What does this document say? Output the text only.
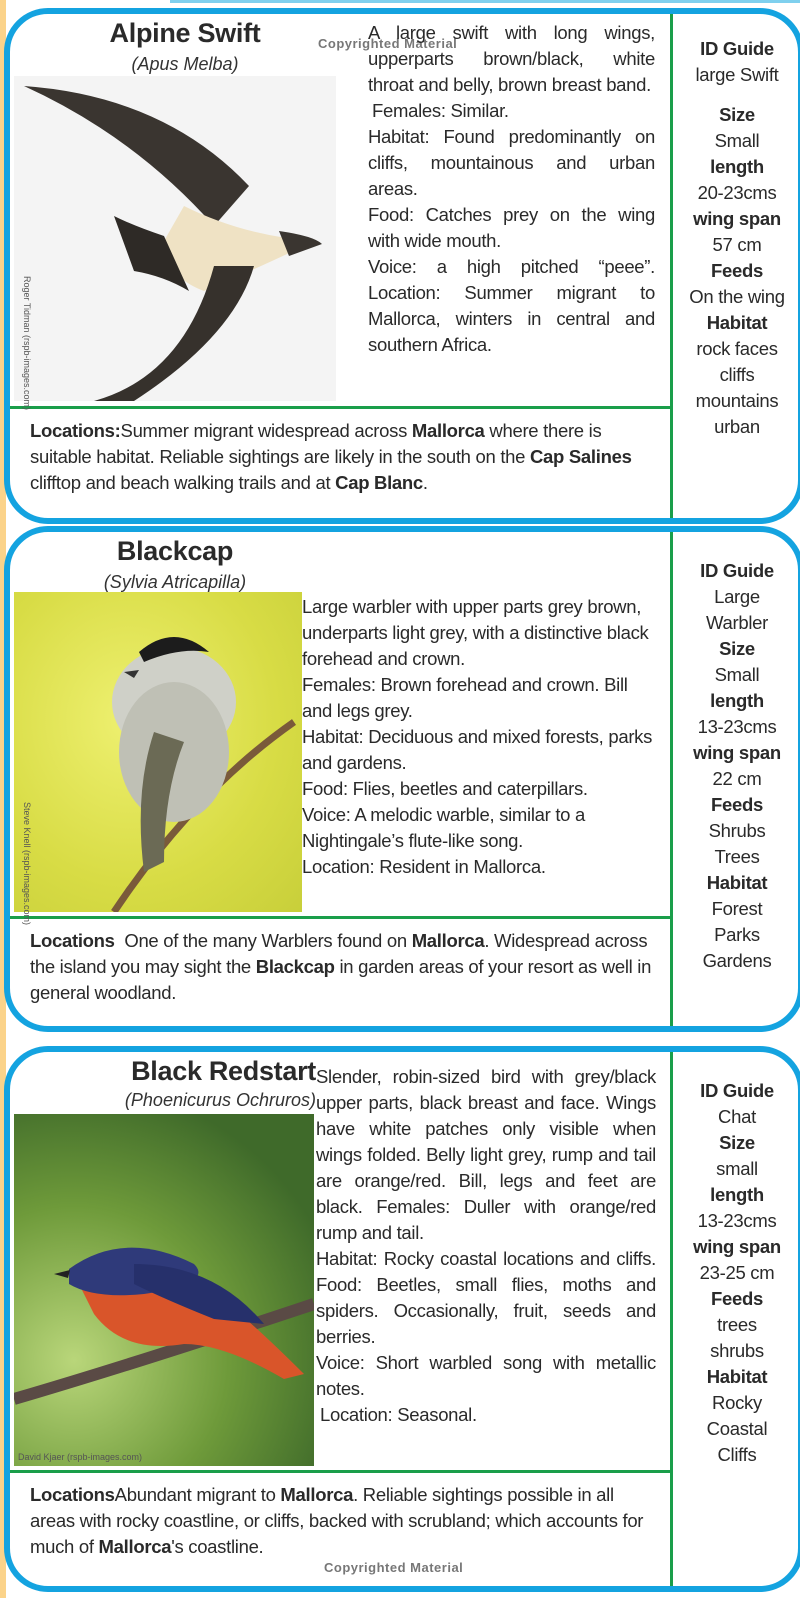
Alpine Swift
(Apus Melba)
Roger Tidman (rspb-images.com)
Copyrighted Material

A large swift with long wings, upperparts brown/black, white throat and belly, brown breast band.

Females: Similar.

Habitat: Found predominantly on cliffs, mountainous and urban areas.

Food: Catches prey on the wing with wide mouth.

Voice: a high pitched “peee”. Location: Summer migrant to Mallorca, winters in central and southern Africa.

Locations:Summer migrant widespread across Mallorca where there is suitable habitat. Reliable sightings are likely in the south on the Cap Salines clifftop and beach walking trails and at Cap Blanc.
ID Guide
large Swift
Size
Small
length
20-23cms
wing span
57 cm
Feeds
On the wing
Habitat
rock faces
cliffs
mountains
urban
Blackcap
(Sylvia Atricapilla)
Steve Knell (rspb-images.com)

Large warbler with upper parts grey brown, underparts light grey, with a distinctive black forehead and crown.

Females: Brown forehead and crown. Bill and legs grey.

Habitat: Deciduous and mixed forests, parks and gardens.

Food: Flies, beetles and caterpillars.

Voice: A melodic warble, similar to a Nightingale’s flute-like song.

Location: Resident in Mallorca.

Locations  One of the many Warblers found on Mallorca. Widespread across the island you may sight the Blackcap in garden areas of your resort as well in general woodland.
ID Guide
Large
Warbler
Size
Small
length
13-23cms
wing span
22 cm
Feeds
Shrubs
Trees
Habitat
Forest
Parks
Gardens
Black Redstart
(Phoenicurus Ochruros)
David Kjaer (rspb-images.com)

Slender, robin-sized bird with grey/black upper parts, black breast and face. Wings have white patches only visible when wings folded. Belly light grey, rump and tail are orange/red. Bill, legs and feet are black. Females: Duller with orange/red rump and tail.

Habitat: Rocky coastal locations and cliffs. Food: Beetles, small flies, moths and spiders. Occasionally, fruit, seeds and berries.

Voice: Short warbled song with metallic notes.

Location: Seasonal.

LocationsAbundant migrant to Mallorca. Reliable sightings possible in all areas with rocky coastline, or cliffs, backed with scrubland; which accounts for much of Mallorca's coastline.
Copyrighted Material
ID Guide
Chat
Size
small
length
13-23cms
wing span
23-25 cm
Feeds
trees
shrubs
Habitat
Rocky
Coastal
Cliffs
